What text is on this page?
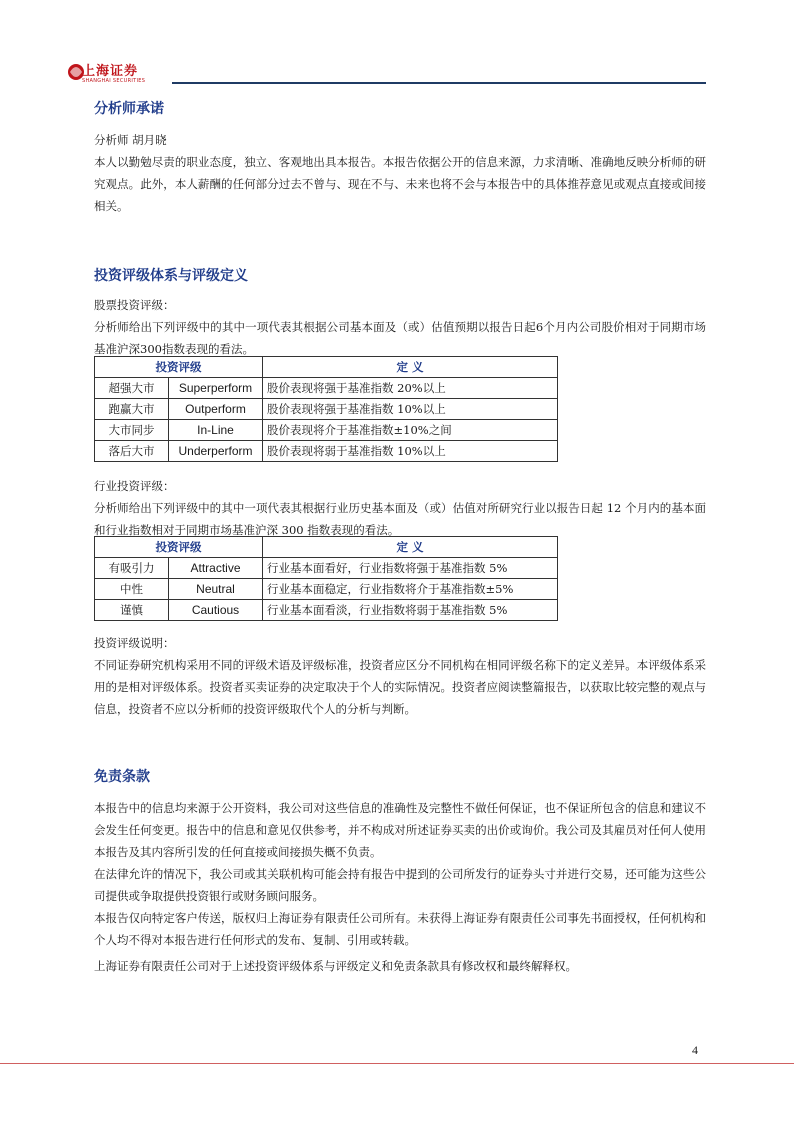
上海证券
SHANGHAI SECURITIES
分析师承诺

分析师 胡月晓

本人以勤勉尽责的职业态度，独立、客观地出具本报告。本报告依据公开的信息来源，力求清晰、准确地反映分析师的研究观点。此外，本人薪酬的任何部分过去不曾与、现在不与、未来也将不会与本报告中的具体推荐意见或观点直接或间接相关。

投资评级体系与评级定义

股票投资评级：

分析师给出下列评级中的其中一项代表其根据公司基本面及（或）估值预期以报告日起6个月内公司股价相对于同期市场基准沪深300指数表现的看法。

投资评级		定 义
超强大市	Superperform	股价表现将强于基准指数 20%以上
跑赢大市	Outperform	股价表现将强于基准指数 10%以上
大市同步	In-Line	股价表现将介于基准指数±10%之间
落后大市	Underperform	股价表现将弱于基准指数 10%以上

行业投资评级：

分析师给出下列评级中的其中一项代表其根据行业历史基本面及（或）估值对所研究行业以报告日起 12 个月内的基本面和行业指数相对于同期市场基准沪深 300 指数表现的看法。

投资评级		定 义
有吸引力	Attractive	行业基本面看好，行业指数将强于基准指数 5%
中性	Neutral	行业基本面稳定，行业指数将介于基准指数±5%
谨慎	Cautious	行业基本面看淡，行业指数将弱于基准指数 5%

投资评级说明：

不同证券研究机构采用不同的评级术语及评级标准，投资者应区分不同机构在相同评级名称下的定义差异。本评级体系采用的是相对评级体系。投资者买卖证券的决定取决于个人的实际情况。投资者应阅读整篇报告，以获取比较完整的观点与信息，投资者不应以分析师的投资评级取代个人的分析与判断。

免责条款

本报告中的信息均来源于公开资料，我公司对这些信息的准确性及完整性不做任何保证，也不保证所包含的信息和建议不会发生任何变更。报告中的信息和意见仅供参考，并不构成对所述证券买卖的出价或询价。我公司及其雇员对任何人使用本报告及其内容所引发的任何直接或间接损失概不负责。

在法律允许的情况下，我公司或其关联机构可能会持有报告中提到的公司所发行的证券头寸并进行交易，还可能为这些公司提供或争取提供投资银行或财务顾问服务。

本报告仅向特定客户传送，版权归上海证券有限责任公司所有。未获得上海证券有限责任公司事先书面授权，任何机构和个人均不得对本报告进行任何形式的发布、复制、引用或转载。

上海证券有限责任公司对于上述投资评级体系与评级定义和免责条款具有修改权和最终解释权。

4
